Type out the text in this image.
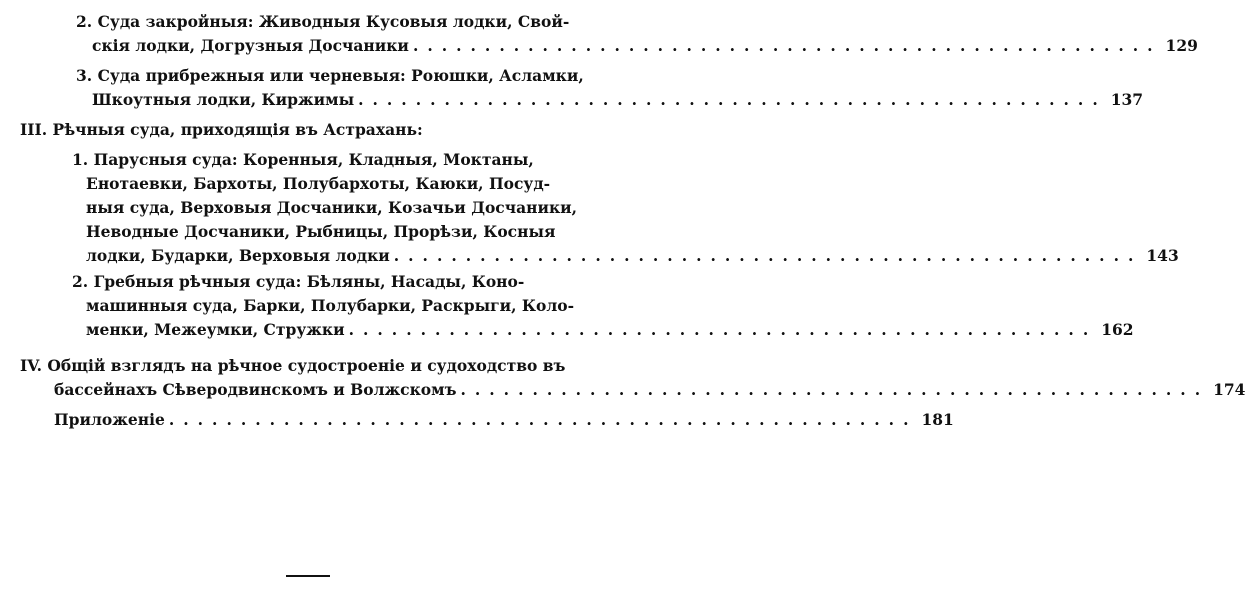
2. Суда закройныя: Живодныя Кусовыя лодки, Свой-
скія лодки, Догрузныя Досчаники .................................................... 129
3. Суда прибрежныя или черневыя: Роюшки, Асламки,
Шкоутныя лодки, Киржимы .................................................... 137
III. Рѣчныя суда, приходящія въ Астрахань:
1. Парусныя суда: Коренныя, Кладныя, Моктаны,
Енотаевки, Бархоты, Полубархоты, Каюки, Посуд-
ныя суда, Верховыя Досчаники, Козачьи Досчаники,
Неводные Досчаники, Рыбницы, Прорѣзи, Косныя
лодки, Бударки, Верховыя лодки .................................................... 143
2. Гребныя рѣчныя суда: Бѣляны, Насады, Коно-
машинныя суда, Барки, Полубарки, Раскрыги, Коло-
менки, Межеумки, Стружки .................................................... 162
IV. Общій взглядъ на рѣчное судостроеніе и судоходство въ
бассейнахъ Сѣверодвинскомъ и Волжскомъ .................................................... 174
Приложеніе .................................................... 181
